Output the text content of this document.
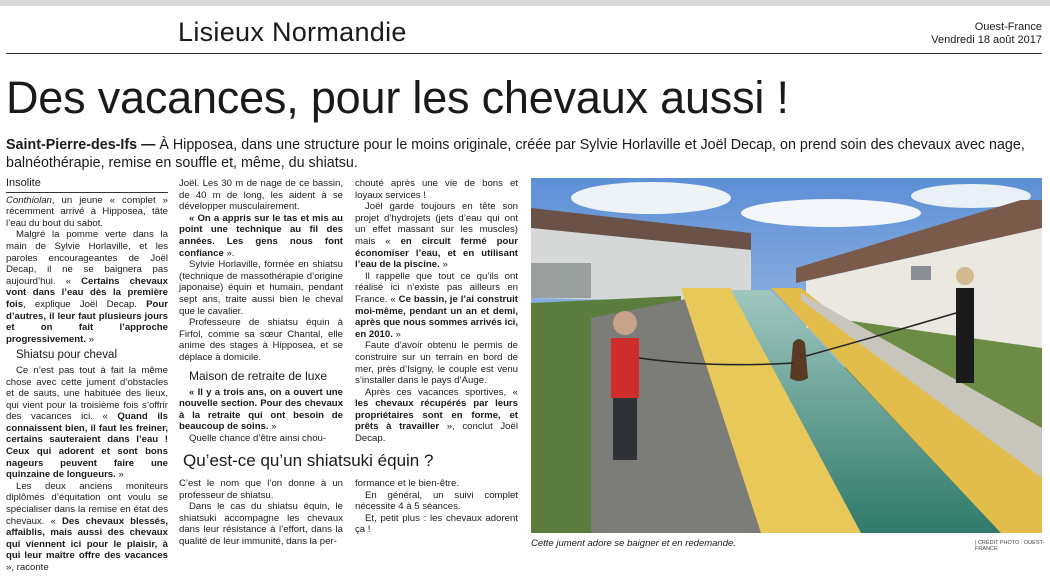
Lisieux Normandie	Ouest-France
Vendredi 18 août 2017
Des vacances, pour les chevaux aussi !
Saint-Pierre-des-Ifs — À Hipposea, dans une structure pour le moins originale, créée par Sylvie Horlaville et Joël Decap, on prend soin des chevaux avec nage, balnéothérapie, remise en souffle et, même, du shiatsu.
Insolite

Conthiolan, un jeune « complet » récemment arrivé à Hipposea, tâte l’eau du bout du sabot.

Malgré la pomme verte dans la main de Sylvie Horlaville, et les paroles encourageantes de Joël Decap, il ne se baignera pas aujourd’hui. « Certains chevaux vont dans l’eau dès la première fois, explique Joël Decap. Pour d’autres, il leur faut plusieurs jours et on fait l’approche progressivement. »

Shiatsu pour cheval

Ce n’est pas tout à fait la même chose avec cette jument d’obstacles et de sauts, une habituée des lieux, qui vient pour la troisième fois s’offrir des vacances ici. « Quand ils connaissent bien, il faut les freiner, certains sauteraient dans l’eau ! Ceux qui adorent et sont bons nageurs peuvent faire une quinzaine de longueurs. »

Les deux anciens moniteurs diplômés d’équitation ont voulu se spécialiser dans la remise en état des chevaux. « Des chevaux blessés, affaiblis, mais aussi des chevaux qui viennent ici pour le plaisir, à qui leur maître offre des vacances », raconte

Joël. Les 30 m de nage de ce bassin, de 40 m de long, les aident à se développer musculairement.

« On a appris sur le tas et mis au point une technique au fil des années. Les gens nous font confiance ».

Sylvie Horlaville, formée en shiatsu (technique de massothérapie d’origine japonaise) équin et humain, pendant sept ans, traite aussi bien le cheval que le cavalier.

Professeure de shiatsu équin à Firfol, comme sa sœur Chantal, elle anime des stages à Hipposea, et se déplace à domicile.

Maison de retraite de luxe

« Il y a trois ans, on a ouvert une nouvelle section. Pour des chevaux à la retraite qui ont besoin de beaucoup de soins. »

Quelle chance d’être ainsi chou-

chouté après une vie de bons et loyaux services !

Joël garde toujours en tête son projet d’hydrojets (jets d’eau qui ont un effet massant sur les muscles) mais « en circuit fermé pour économiser l’eau, et en utilisant l’eau de la piscine. »

Il rappelle que tout ce qu’ils ont réalisé ici n’existe pas ailleurs en France. « Ce bassin, je l’ai construit moi-même, pendant un an et demi, après que nous sommes arrivés ici, en 2010. »

Faute d’avoir obtenu le permis de construire sur un terrain en bord de mer, près d’Isigny, le couple est venu s’installer dans le pays d’Auge.

Après ces vacances sportives, « les chevaux récupérés par leurs propriétaires sont en forme, et prêts à travailler », conclut Joël Decap.

Qu’est-ce qu’un shiatsuki équin ?

C’est le nom que l’on donne à un professeur de shiatsu.

Dans le cas du shiatsu équin, le shiatsuki accompagne les chevaux dans leur résistance à l’effort, dans la qualité de leur immunité, dans la per-

formance et le bien-être.

En général, un suivi complet nécessite 4 à 5 séances.

Et, petit plus : les chevaux adorent ça !

Cette jument adore se baigner et en redemande.	| CRÉDIT PHOTO : OUEST-FRANCE
